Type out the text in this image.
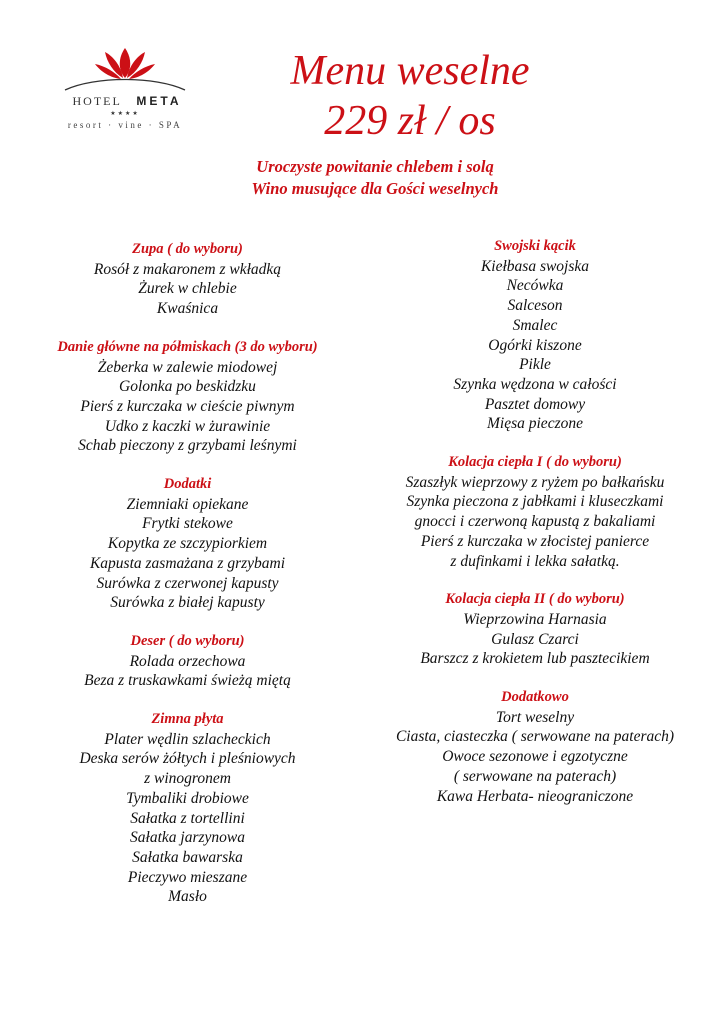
HOTEL META
★★★★
resort · vine · SPA
Menu weselne
229 zł / os
Uroczyste powitanie chlebem i solą
Wino musujące dla Gości weselnych
Zupa ( do wyboru)
Rosół z makaronem z wkładką
Żurek w chlebie
Kwaśnica
Danie główne na półmiskach (3 do wyboru)
Żeberka w zalewie miodowej
Golonka po beskidzku
Pierś z kurczaka w cieście piwnym
Udko z kaczki w żurawinie
Schab pieczony z grzybami leśnymi
Dodatki
Ziemniaki opiekane
Frytki stekowe
Kopytka ze szczypiorkiem
Kapusta zasmażana z grzybami
Surówka z czerwonej kapusty
Surówka z białej kapusty
Deser ( do wyboru)
Rolada orzechowa
Beza z truskawkami świeżą miętą
Zimna płyta
Plater wędlin szlacheckich
Deska serów żółtych i pleśniowych
z winogronem
Tymbaliki drobiowe
Sałatka z tortellini
Sałatka jarzynowa
Sałatka bawarska
Pieczywo mieszane
Masło
Swojski kącik
Kiełbasa swojska
Necówka
Salceson
Smalec
Ogórki kiszone
Pikle
Szynka wędzona w całości
Pasztet domowy
Mięsa pieczone
Kolacja ciepła I ( do wyboru)
Szaszłyk wieprzowy z ryżem po bałkańsku
Szynka pieczona z jabłkami i kluseczkami
gnocci i czerwoną kapustą z bakaliami
Pierś z kurczaka w złocistej panierce
z dufinkami i lekka sałatką.
Kolacja ciepła II ( do wyboru)
Wieprzowina Harnasia
Gulasz Czarci
Barszcz z krokietem lub pasztecikiem
Dodatkowo
Tort weselny
Ciasta, ciasteczka ( serwowane na paterach)
Owoce sezonowe i egzotyczne
( serwowane na paterach)
Kawa Herbata- nieograniczone
